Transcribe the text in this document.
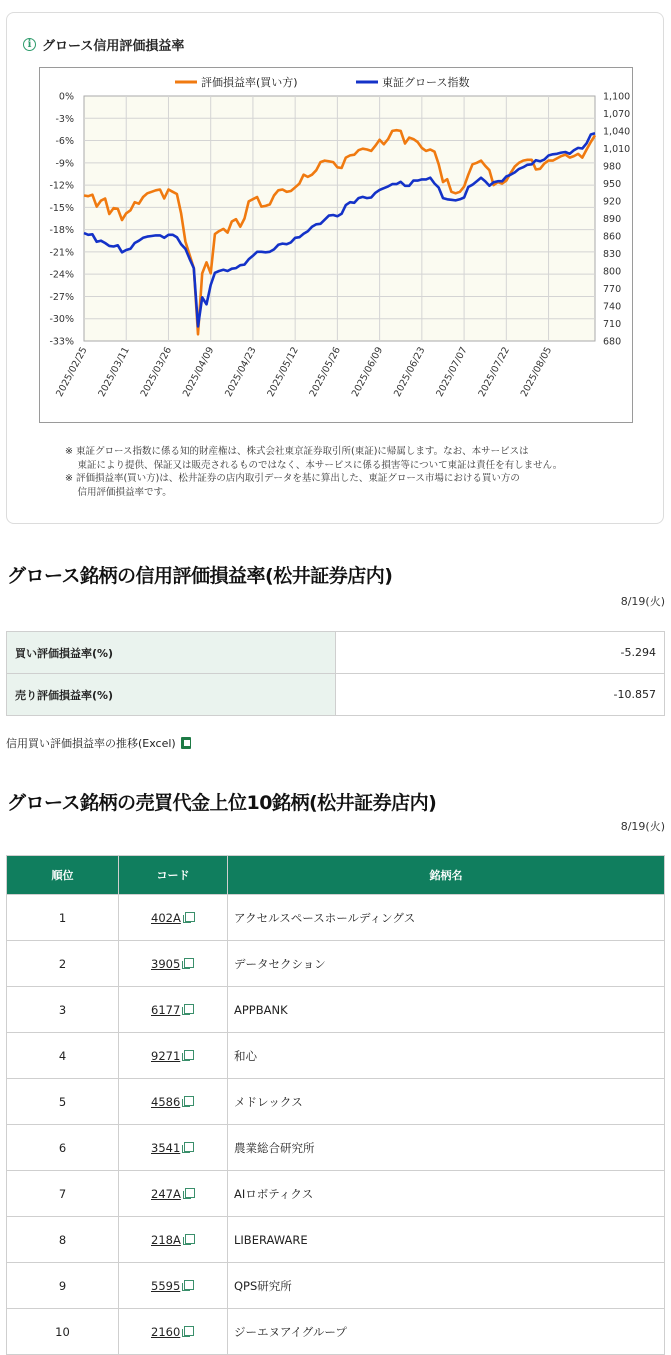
i グロース信用評価損益率
0%
-3%
-6%
-9%
-12%
-15%
-18%
-21%
-24%
-27%
-30%
-33%
1,100
1,070
1,040
1,010
980
950
920
890
860
830
800
770
740
710
680
2025/02/25 2025/03/11 2025/03/26 2025/04/09 2025/04/23 2025/05/12 2025/05/26 2025/06/09 2025/06/23 2025/07/07 2025/07/22 2025/08/05
評価損益率(買い方)	東証グロース指数
※ 東証グロース指数に係る知的財産権は、株式会社東京証券取引所(東証)に帰属します。なお、本サービスは
　 東証により提供、保証又は販売されるものではなく、本サービスに係る損害等について東証は責任を有しません。
※ 評価損益率(買い方)は、松井証券の店内取引データを基に算出した、東証グロース市場における買い方の
　 信用評価損益率です。
グロース銘柄の信用評価損益率(松井証券店内)
8/19(火)
買い評価損益率(%)	-5.294
売り評価損益率(%)	-10.857
信用買い評価損益率の推移(Excel)
グロース銘柄の売買代金上位10銘柄(松井証券店内)
8/19(火)
順位	コード	銘柄名
1	402A	アクセルスペースホールディングス
2	3905	データセクション
3	6177	APPBANK
4	9271	和心
5	4586	メドレックス
6	3541	農業総合研究所
7	247A	AIロボティクス
8	218A	LIBERAWARE
9	5595	QPS研究所
10	2160	ジーエヌアイグループ
